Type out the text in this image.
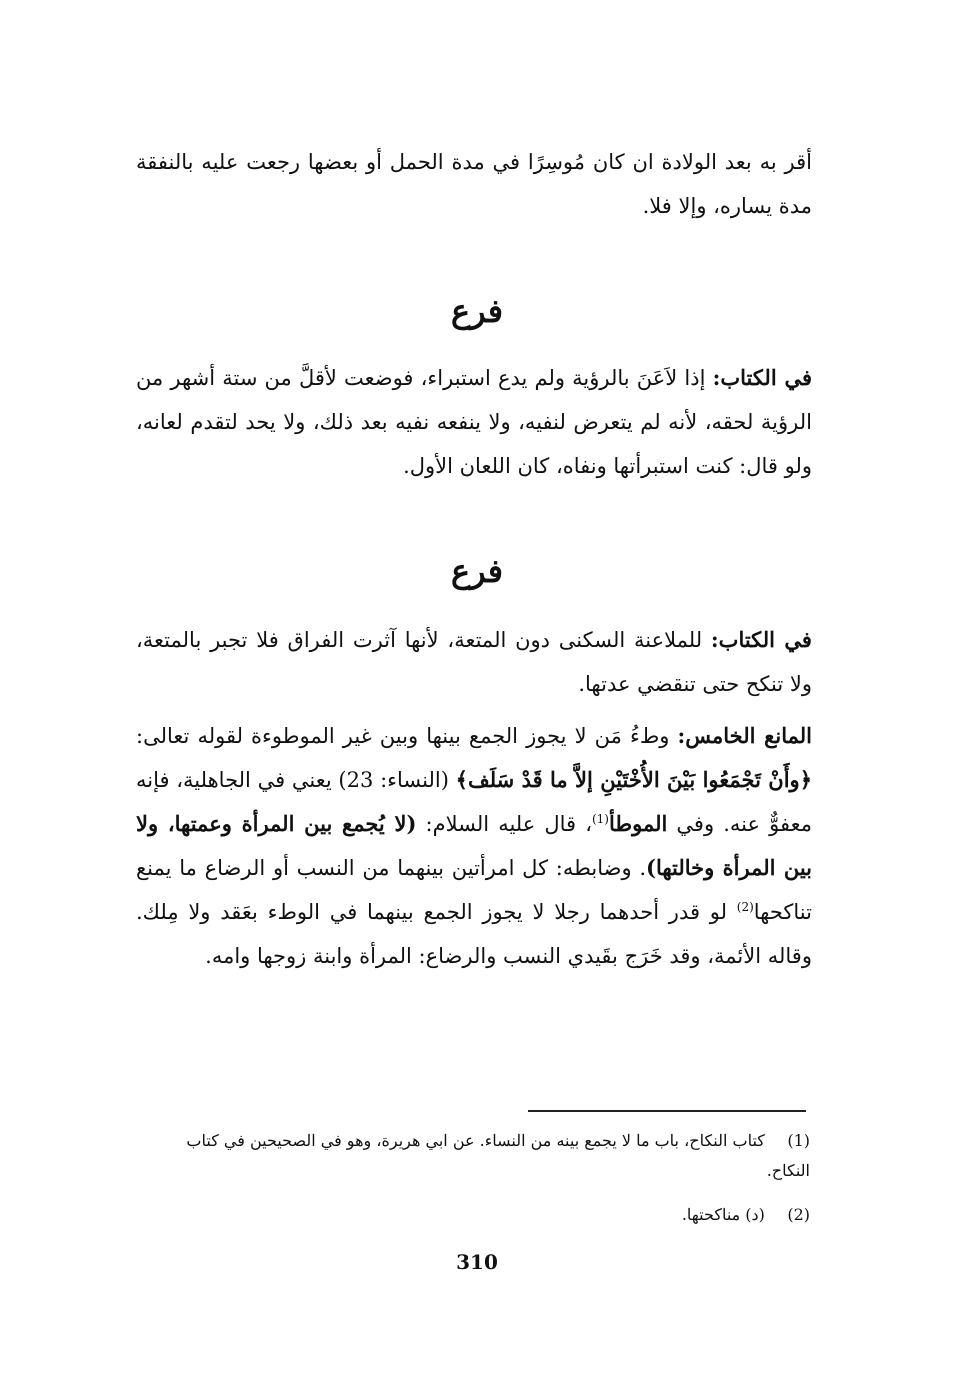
أقر به بعد الولادة ان كان مُوسِرًا في مدة الحمل أو بعضها رجعت عليه بالنفقة مدة يساره، وإلا فلا.

فرع

في الكتاب: إذا لاَعَنَ بالرؤية ولم يدع استبراء، فوضعت لأقلَّ من ستة أشهر من الرؤية لحقه، لأنه لم يتعرض لنفيه، ولا ينفعه نفيه بعد ذلك، ولا يحد لتقدم لعانه، ولو قال: كنت استبرأتها ونفاه، كان اللعان الأول.

فرع

في الكتاب: للملاعنة السكنى دون المتعة، لأنها آثرت الفراق فلا تجبر بالمتعة، ولا تنكح حتى تنقضي عدتها.

المانع الخامس: وطءُ مَن لا يجوز الجمع بينها وبين غير الموطوءة لقوله تعالى: ﴿وأَنْ تَجْمَعُوا بَيْنَ الأُخْتَيْنِ إلاَّ ما قَدْ سَلَف﴾ (النساء: 23) يعني في الجاهلية، فإنه معفوٌّ عنه. وفي الموطأ$^{(1)}$، قال عليه السلام: (لا يُجمع بين المرأة وعمتها، ولا بين المرأة وخالتها). وضابطه: كل امرأتين بينهما من النسب أو الرضاع ما يمنع تناكحها$^{(2)}$ لو قدر أحدهما رجلا لا يجوز الجمع بينهما في الوطء بعَقد ولا مِلك. وقاله الأئمة، وقد خَرَج بقَيدي النسب والرضاع: المرأة وابنة زوجها وامه.

(1) كتاب النكاح، باب ما لا يجمع بينه من النساء. عن ابي هريرة، وهو في الصحيحين في كتاب النكاح.

(2) (د) مناكحتها.

310
